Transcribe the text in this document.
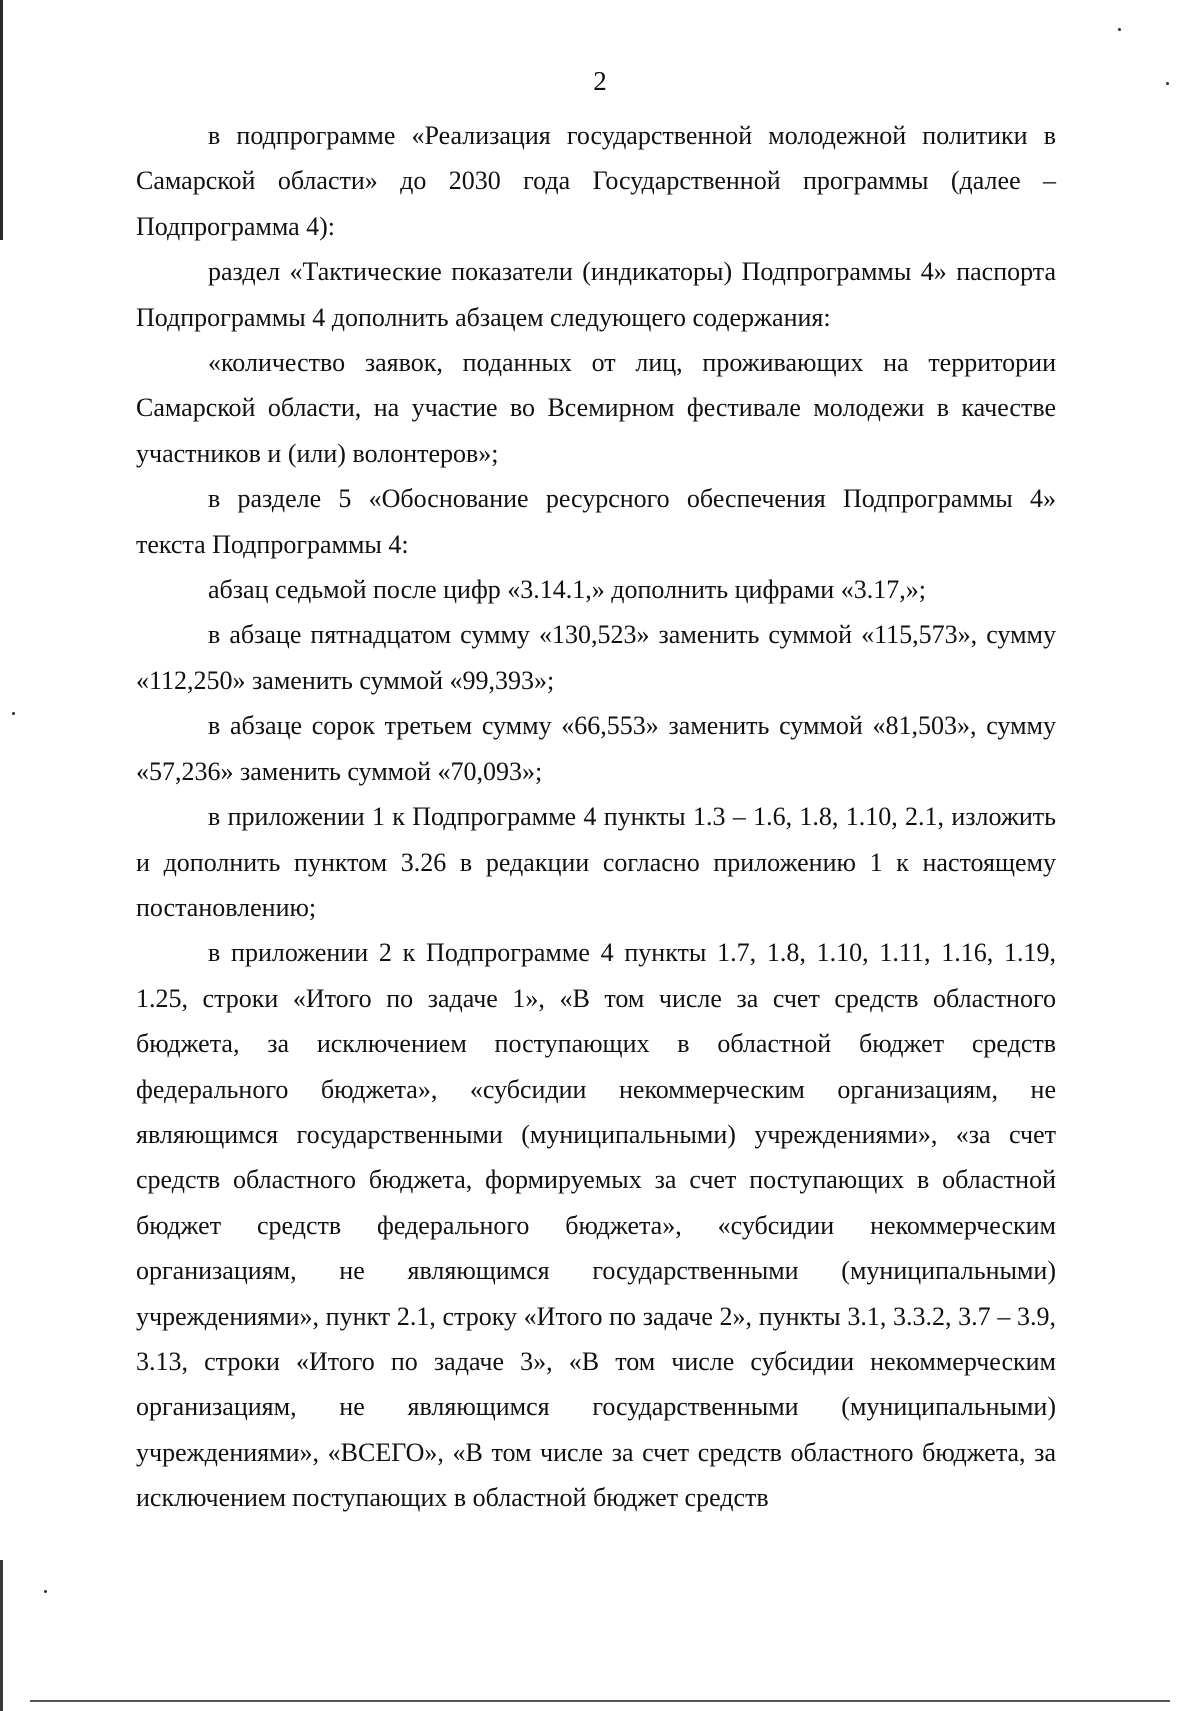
2

в подпрограмме «Реализация государственной молодежной политики в Самарской области» до 2030 года Государственной программы (далее – Подпрограмма 4):

раздел «Тактические показатели (индикаторы) Подпрограммы 4» паспорта Подпрограммы 4 дополнить абзацем следующего содержания:

«количество заявок, поданных от лиц, проживающих на территории Самарской области, на участие во Всемирном фестивале молодежи в качестве участников и (или) волонтеров»;

в разделе 5 «Обоснование ресурсного обеспечения Подпрограммы 4» текста Подпрограммы 4:

абзац седьмой после цифр «3.14.1,» дополнить цифрами «3.17,»;

в абзаце пятнадцатом сумму «130,523» заменить суммой «115,573», сумму «112,250» заменить суммой «99,393»;

в абзаце сорок третьем сумму «66,553» заменить суммой «81,503», сумму «57,236» заменить суммой «70,093»;

в приложении 1 к Подпрограмме 4 пункты 1.3 – 1.6, 1.8, 1.10, 2.1, изложить и дополнить пунктом 3.26 в редакции согласно приложению 1 к настоящему постановлению;

в приложении 2 к Подпрограмме 4 пункты 1.7, 1.8, 1.10, 1.11, 1.16, 1.19, 1.25, строки «Итого по задаче 1», «В том числе за счет средств областного бюджета, за исключением поступающих в областной бюджет средств федерального бюджета», «субсидии некоммерческим организациям, не являющимся государственными (муниципальными) учреждениями», «за счет средств областного бюджета, формируемых за счет поступающих в областной бюджет средств федерального бюджета», «субсидии некоммерческим организациям, не являющимся государственными (муниципальными) учреждениями», пункт 2.1, строку «Итого по задаче 2», пункты 3.1, 3.3.2, 3.7 – 3.9, 3.13, строки «Итого по задаче 3», «В том числе субсидии некоммерческим организациям, не являющимся государственными (муниципальными) учреждениями», «ВСЕГО», «В том числе за счет средств областного бюджета, за исключением поступающих в областной бюджет средств
